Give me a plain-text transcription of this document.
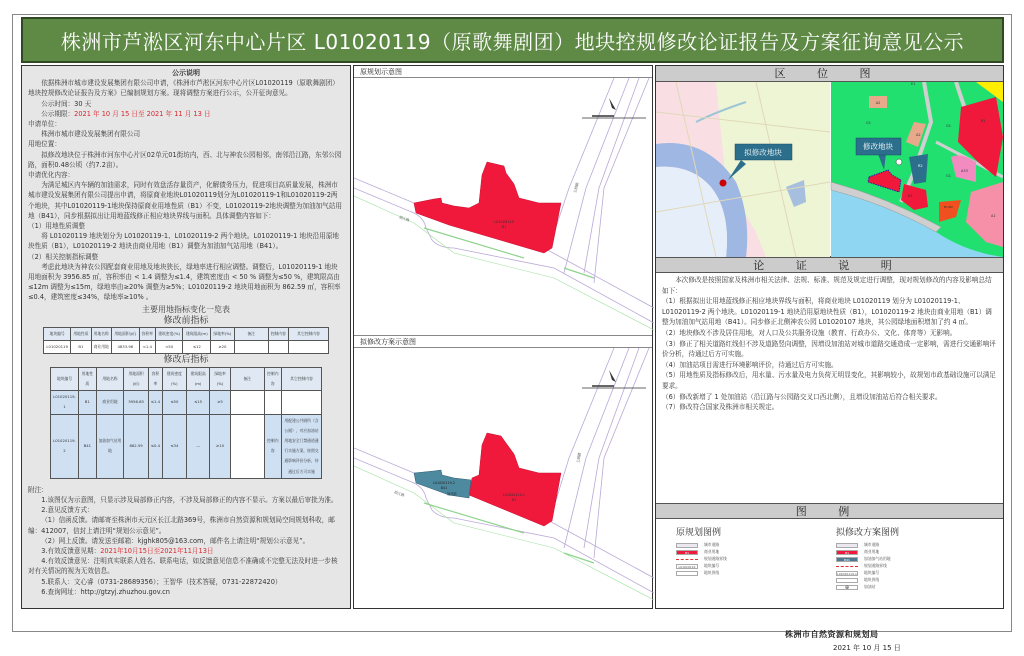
株洲市芦淞区河东中心片区 L01020119（原歌舞剧团）地块控规修改论证报告及方案征询意见公示

公示说明

依据株洲市城市建设发展集团有限公司申请，《株洲市芦淞区河东中心片区L01020119（原歌舞剧团）地块控规修改论证报告及方案》已编制规划方案。现将调整方案进行公示，公开征询意见。

公示时间：30 天

公示期限：2021 年 10 月 15 日至 2021 年 11 月 13 日

申请单位：

株洲市城市建设发展集团有限公司

用地位置：

拟修改地块位于株洲市河东中心片区02单元01街坊内，西、北与神农公园相邻，南邻沿江路，东邻公园路，面积0.48公顷（约7.2亩）。

申请优化内容：

为满足城区内车辆的加油需求，同时有效盘活存量资产，化解债务压力，促进项目高质量发展，株洲市城市建设发展集团有限公司提出申请，将原商业地块L01020119划分为L01020119-1和L01020119-2两个地块，其中L01020119-1地块保持原商业用地性质（B1）不变，L01020119-2地块调整为加油加气站用地（B41），同步根据拟出让用地蓝线修正相应地块界线与面积。具体调整内容如下：

（1）用地性质调整

将 L01020119 地块划分为 L01020119-1、L01020119-2 两个地块。L01020119-1 地块沿用原地块性质（B1），L01020119-2 地块由商业用地（B1）调整为加油加气站用地（B41）。

（2）相关控制指标调整

考虑此地块为神农公园配套商业用地及地块狭长，绿地率进行相应调整。调整后，L01020119-1 地块用地面积为 3956.85 ㎡，容积率由 < 1.4 调整为≤1.4，建筑密度由 < 50 % 调整为≤50 %，建筑限高由≤12m 调整为≤15m，绿地率由≥20% 调整为≥5%；L01020119-2 地块用地面积为 862.59 ㎡，容积率≤0.4，建筑密度≤34%，绿地率≥10% 。

主要用地指标变化一览表
修改前指标
地块编号	用地性质	用地名称	用地面积(㎡)	容积率	建筑密度(%)	建筑限高(m)	绿地率(%)	备注	控制内容	其它控制内容
L01020119	B1	商业用地	4833.96	<1.4	<50	≤12	≥20			
修改后指标
地块编号	用地性质	用地名称	用地面积(㎡)	容积率	建筑密度(%)	建筑限高(m)	绿地率(%)	备注	控制内容	其它控制内容
L01020119-1	B1	商业用地	3956.85	≤1.4	≤50	≤15	≥5			
L01020119-2	B41	加油加气站用地	862.59	≤0.4	≤34	—	≥10		控制内容	用配建公共厕所（含公厕），对应加油站用地安全门禁通道通行实施方案，按照交通影响评价分析，待通过后方可实施

附注：

1.该图仅为示意图，只显示涉及局部修正内容，不涉及局部修正的内容不显示。方案以最后审批为准。

2.意见反馈方式：

（1）信函反馈。请邮寄至株洲市天元区长江北路369号，株洲市自然资源和规划局空间规划科收，邮编：412007，信封上请注明“规划公示意见”。

（2）网上反馈。请发送至邮箱：kjghk805@163.com，邮件名上请注明“规划公示意见”。

3.有效反馈意见期：2021年10月15日至2021年11月13日

4.有效反馈意见：注明真实联系人姓名、联系电话，如反馈意见信息不准确或不完整无法及时进一步核对有关情况的视为无效信息。

5.联系人：文心睿（0731-28689356）；王智华（技术答疑，0731-22872420）

6.查询网址：http://gtzyj.zhuzhou.gov.cn

原规划示意图
L01020119
B1
沿江路
公园路
拟修改方案示意图
L01020119-1
B1
L01020119-2
B41
加油站
沿江路
公园路
区 位 图
拟修改地块
A2
A2
G1
G1
B1
R2
B1
A33
B1/B2
A1
G1
E1
修改地块
论 证 说 明

本次修改是按照国家及株洲市相关法律、法规、标准、规范及规定进行调整，现对规划修改的内容及影响总结如下：

（1）根据拟出让用地蓝线修正相应地块界线与面积，将商业地块 L01020119 划分为 L01020119-1、L01020119-2 两个地块。L01020119-1 地块沿用原地块性质（B1），L01020119-2 地块由商业用地（B1）调整为加油加气站用地（B41）。同步修正北侧神农公园 L01020107 地块，其公园绿地面积增加了约 4 ㎡。

（2）地块修改不涉及居住用地，对人口及公共服务设施（教育、行政办公、文化、体育等）无影响。

（3）修正了相关道路红线但不涉及道路竖向调整，因增设加油站对城市道路交通造成一定影响，需进行交通影响评价分析，待通过后方可实施。

（4）加油站项目需进行环境影响评价，待通过后方可实施。

（5）用地性质及指标修改后，用水量、污水量及电力负荷无明显变化，其影响较小，故规划市政基础设施可以满足要求。

（6）修改新增了 1 处加油站（沿江路与公园路交叉口西北侧），且增设加油站后符合相关要求。

（7）修改符合国家及株洲市相关规定。

图 例
原规划图例
城市道路
B1	商业用地
规划道路界线
L01020119	地块编号
地块界线
拟修改方案图例
城市道路
B1	商业用地
B41	加油加气站用地
规划道路界线
L01020119-1 地块编号
地块界线
⊕	加油站
株洲市自然资源和规划局
2021 年 10 月 15 日
